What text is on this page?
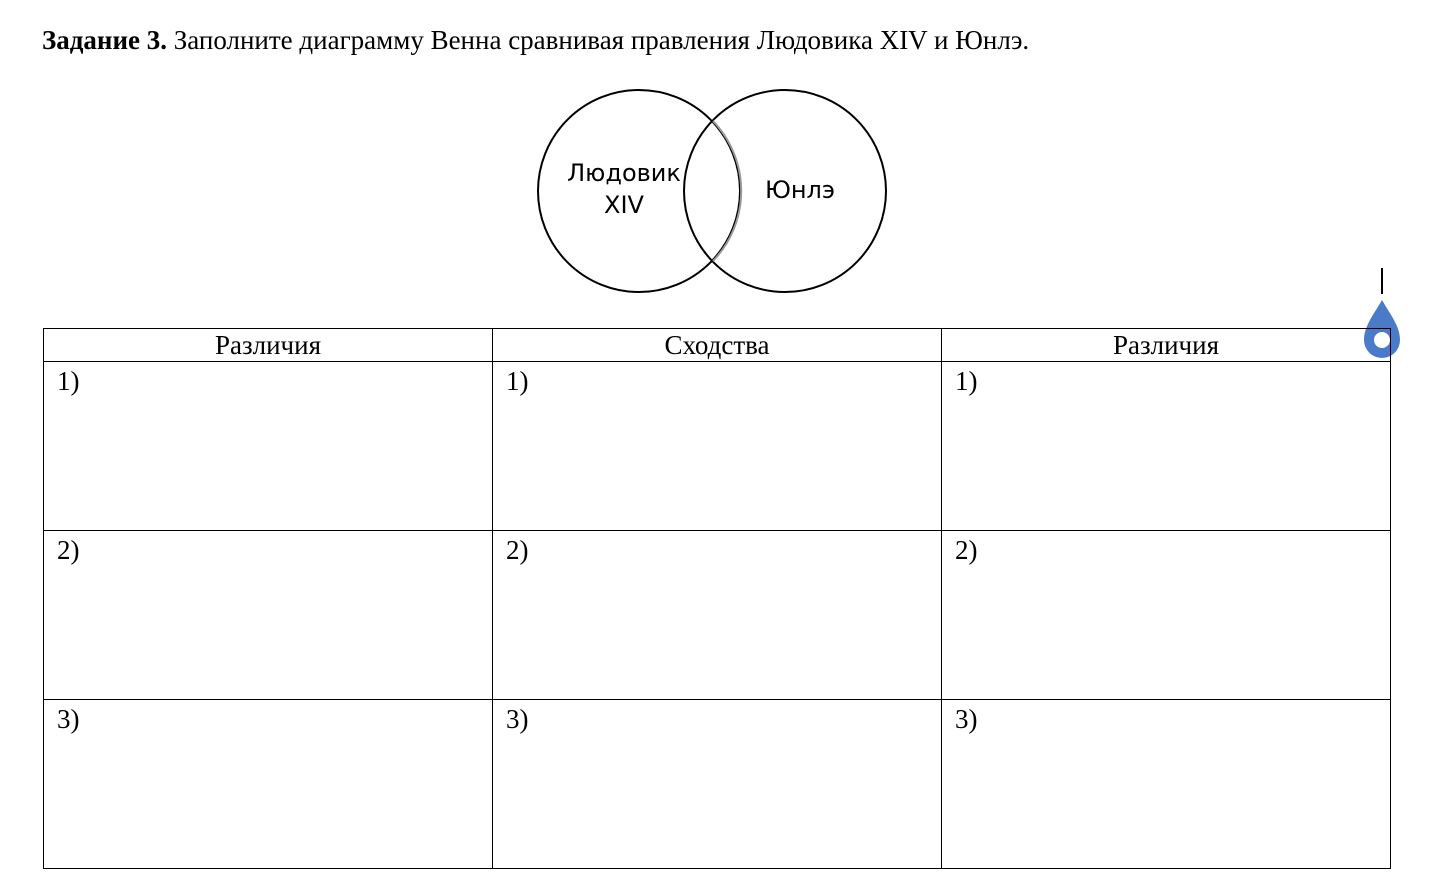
Задание 3. Заполните диаграмму Венна сравнивая правления Людовика XIV и Юнлэ.
Людовик
XIV
Юнлэ
Различия	Сходства	Различия
1)	1)	1)
2)	2)	2)
3)	3)	3)
